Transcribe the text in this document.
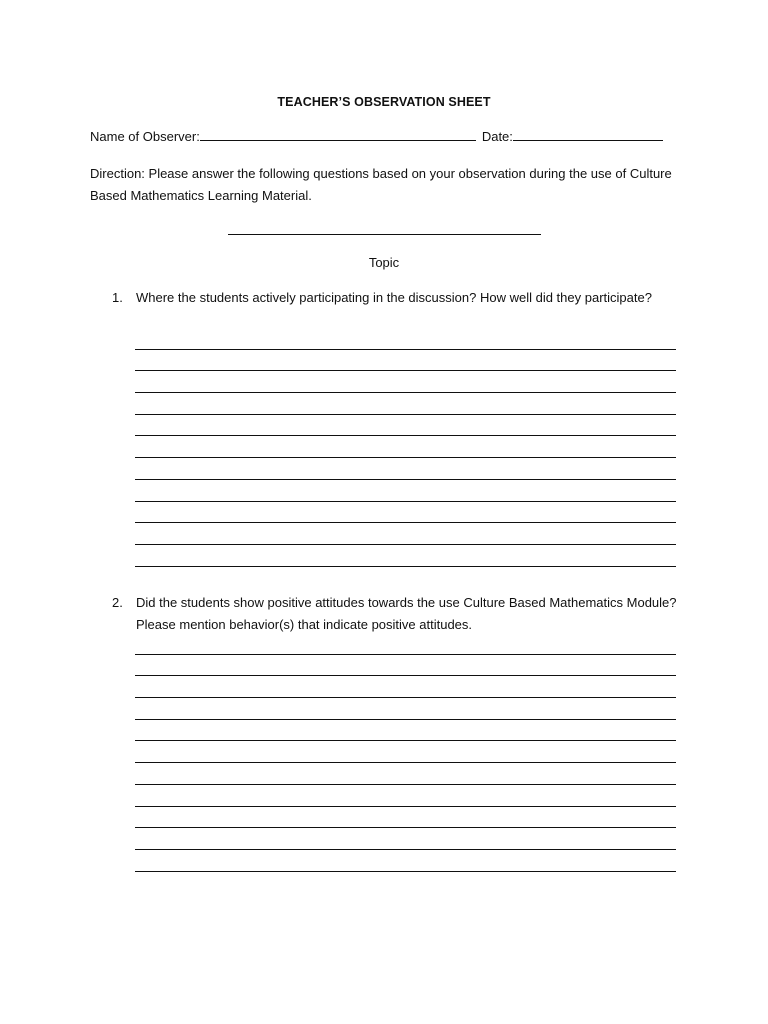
TEACHER’S OBSERVATION SHEET
Name of Observer:	Date:
Direction: Please answer the following questions based on your observation during the use of Culture Based Mathematics Learning Material.
Topic
1.	Where the students actively participating in the discussion? How well did they participate?
2.	Did the students show positive attitudes towards the use Culture Based Mathematics Module? Please mention behavior(s) that indicate positive attitudes.
